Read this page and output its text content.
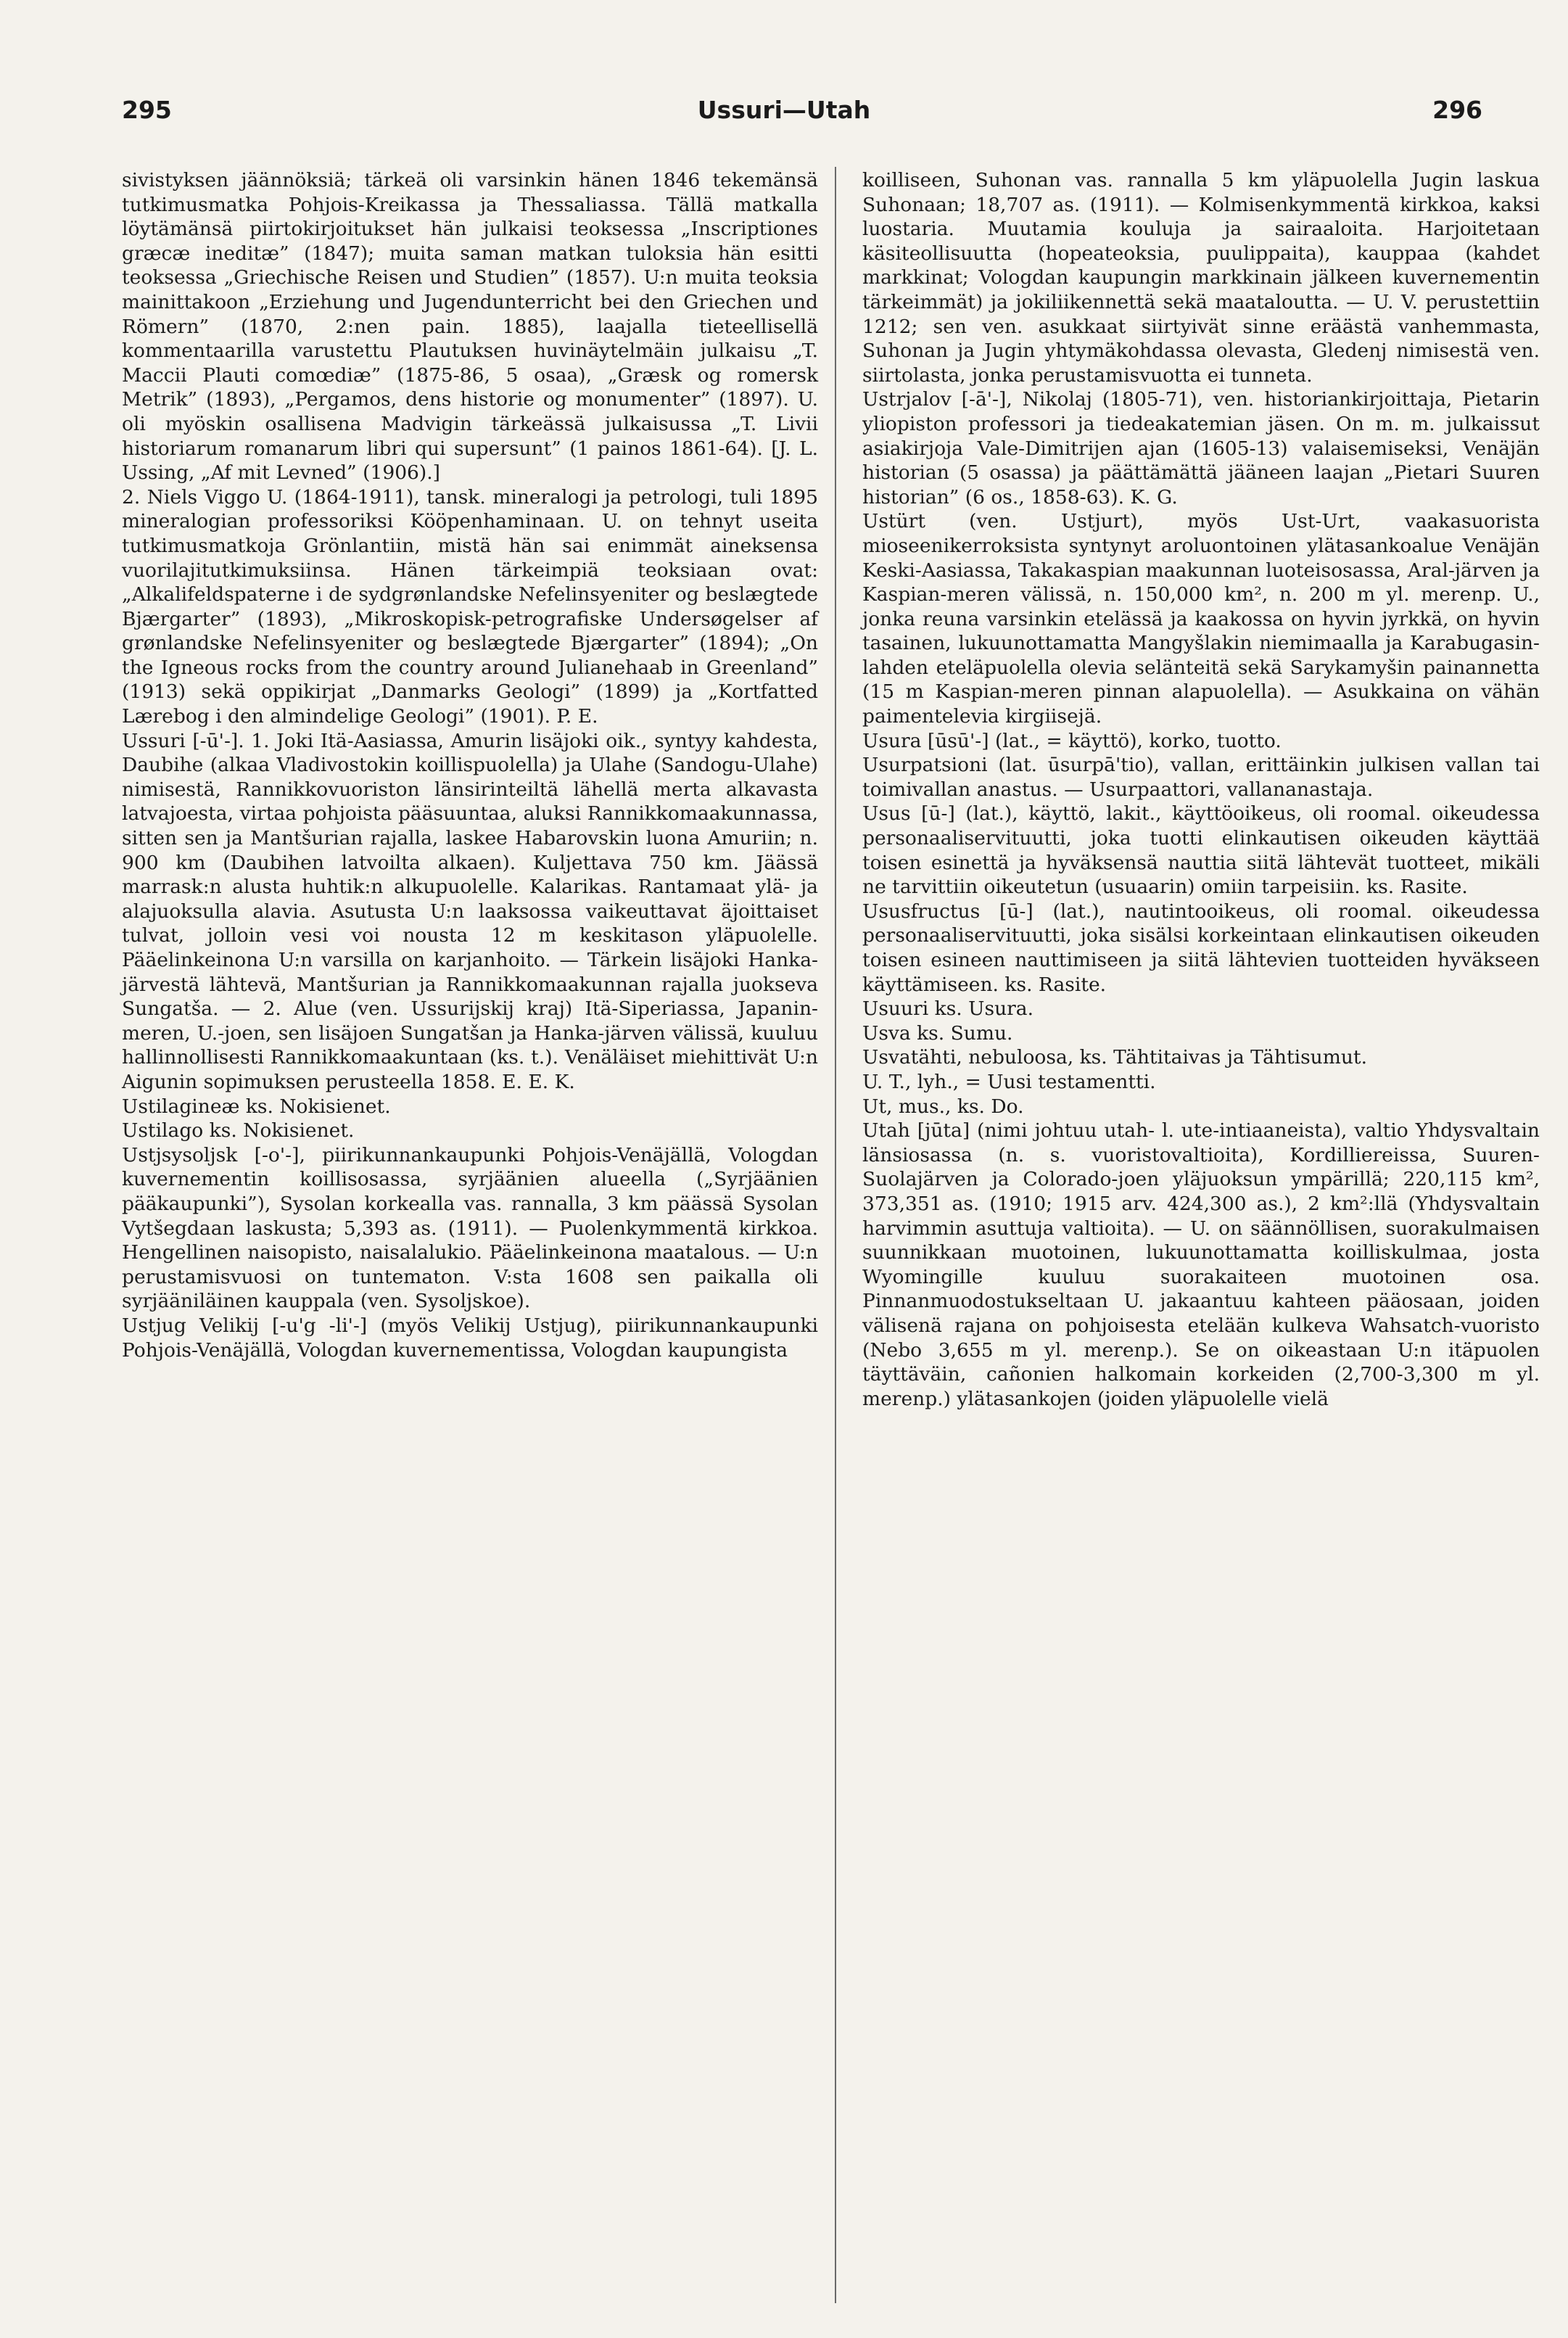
295	Ussuri—Utah	296

sivistyksen jäännöksiä; tärkeä oli varsinkin hänen 1846 tekemänsä tutkimusmatka Pohjois-Kreikassa ja Thessaliassa. Tällä matkalla löytämänsä piirtokirjoitukset hän julkaisi teoksessa „Inscriptiones græcæ ineditæ” (1847); muita saman matkan tuloksia hän esitti teoksessa „Griechische Reisen und Studien” (1857). U:n muita teoksia mainittakoon „Erziehung und Jugendunterricht bei den Griechen und Römern” (1870, 2:nen pain. 1885), laajalla tieteellisellä kommentaarilla varustettu Plautuksen huvinäytelmäin julkaisu „T. Maccii Plauti comœdiæ” (1875-86, 5 osaa), „Græsk og romersk Metrik” (1893), „Pergamos, dens historie og monumenter” (1897). U. oli myöskin osallisena Madvigin tärkeässä julkaisussa „T. Livii historiarum romanarum libri qui supersunt” (1 painos 1861-64). [J. L. Ussing, „Af mit Levned” (1906).]

2. Niels Viggo U. (1864-1911), tansk. mineralogi ja petrologi, tuli 1895 mineralogian professoriksi Kööpenhaminaan. U. on tehnyt useita tutkimusmatkoja Grönlantiin, mistä hän sai enimmät aineksensa vuorilajitutkimuksiinsa. Hänen tärkeimpiä teoksiaan ovat: „Alkalifeldspaterne i de sydgrønlandske Nefelinsyeniter og beslægtede Bjærgarter” (1893), „Mikroskopisk-petrografiske Undersøgelser af grønlandske Nefelinsyeniter og beslægtede Bjærgarter” (1894); „On the Igneous rocks from the country around Julianehaab in Greenland” (1913) sekä oppikirjat „Danmarks Geologi” (1899) ja „Kortfatted Lærebog i den almindelige Geologi” (1901). P. E.

Ussuri [-ū'-]. 1. Joki Itä-Aasiassa, Amurin lisäjoki oik., syntyy kahdesta, Daubihe (alkaa Vladivostokin koillispuolella) ja Ulahe (Sandogu-Ulahe) nimisestä, Rannikkovuoriston länsirinteiltä lähellä merta alkavasta latvajoesta, virtaa pohjoista pääsuuntaa, aluksi Rannikkomaakunnassa, sitten sen ja Mantšurian rajalla, laskee Habarovskin luona Amuriin; n. 900 km (Daubihen latvoilta alkaen). Kuljettava 750 km. Jäässä marrask:n alusta huhtik:n alkupuolelle. Kalarikas. Rantamaat ylä- ja alajuoksulla alavia. Asutusta U:n laaksossa vaikeuttavat äjoittaiset tulvat, jolloin vesi voi nousta 12 m keskitason yläpuolelle. Pääelinkeinona U:n varsilla on karjanhoito. — Tärkein lisäjoki Hanka-järvestä lähtevä, Mantšurian ja Rannikkomaakunnan rajalla juokseva Sungatša. — 2. Alue (ven. Ussurijskij kraj) Itä-Siperiassa, Japanin-meren, U.-joen, sen lisäjoen Sungatšan ja Hanka-järven välissä, kuuluu hallinnollisesti Rannikkomaakuntaan (ks. t.). Venäläiset miehittivät U:n Aigunin sopimuksen perusteella 1858. E. E. K.

Ustilagineæ ks. Nokisienet.

Ustilago ks. Nokisienet.

Ustjsysoljsk [-o'-], piirikunnankaupunki Pohjois-Venäjällä, Vologdan kuvernementin koillisosassa, syrjäänien alueella („Syrjäänien pääkaupunki”), Sysolan korkealla vas. rannalla, 3 km päässä Sysolan Vytšegdaan laskusta; 5,393 as. (1911). — Puolenkymmentä kirkkoa. Hengellinen naisopisto, naisalalukio. Pääelinkeinona maatalous. — U:n perustamisvuosi on tuntematon. V:sta 1608 sen paikalla oli syrjääniläinen kauppala (ven. Sysoljskoe).

Ustjug Velikij [-u'g -li'-] (myös Velikij Ustjug), piirikunnankaupunki Pohjois-Venäjällä, Vologdan kuvernementissa, Vologdan kaupungista

koilliseen, Suhonan vas. rannalla 5 km yläpuolella Jugin laskua Suhonaan; 18,707 as. (1911). — Kolmisenkymmentä kirkkoa, kaksi luostaria. Muutamia kouluja ja sairaaloita. Harjoitetaan käsiteollisuutta (hopeateoksia, puulippaita), kauppaa (kahdet markkinat; Vologdan kaupungin markkinain jälkeen kuvernementin tärkeimmät) ja jokiliikennettä sekä maataloutta. — U. V. perustettiin 1212; sen ven. asukkaat siirtyivät sinne eräästä vanhemmasta, Suhonan ja Jugin yhtymäkohdassa olevasta, Gledenj nimisestä ven. siirtolasta, jonka perustamisvuotta ei tunneta.

Ustrjalov [-ā'-], Nikolaj (1805-71), ven. historiankirjoittaja, Pietarin yliopiston professori ja tiedeakatemian jäsen. On m. m. julkaissut asiakirjoja Vale-Dimitrijen ajan (1605-13) valaisemiseksi, Venäjän historian (5 osassa) ja päättämättä jääneen laajan „Pietari Suuren historian” (6 os., 1858-63). K. G.

Ustürt (ven. Ustjurt), myös Ust-Urt, vaakasuorista mioseenikerroksista syntynyt aroluontoinen ylätasankoalue Venäjän Keski-Aasiassa, Takakaspian maakunnan luoteisosassa, Aral-järven ja Kaspian-meren välissä, n. 150,000 km², n. 200 m yl. merenp. U., jonka reuna varsinkin etelässä ja kaakossa on hyvin jyrkkä, on hyvin tasainen, lukuunottamatta Mangyšlakin niemimaalla ja Karabugasin-lahden eteläpuolella olevia selänteitä sekä Sarykamyšin painannetta (15 m Kaspian-meren pinnan alapuolella). — Asukkaina on vähän paimentelevia kirgiisejä.

Usura [ūsū'-] (lat., = käyttö), korko, tuotto.

Usurpatsioni (lat. ūsurpā'tio), vallan, erittäinkin julkisen vallan tai toimivallan anastus. — Usurpaattori, vallananastaja.

Usus [ū-] (lat.), käyttö, lakit., käyttöoikeus, oli roomal. oikeudessa personaaliservituutti, joka tuotti elinkautisen oikeuden käyttää toisen esinettä ja hyväksensä nauttia siitä lähtevät tuotteet, mikäli ne tarvittiin oikeutetun (usuaarin) omiin tarpeisiin. ks. Rasite.

Ususfructus [ū-] (lat.), nautintooikeus, oli roomal. oikeudessa personaaliservituutti, joka sisälsi korkeintaan elinkautisen oikeuden toisen esineen nauttimiseen ja siitä lähtevien tuotteiden hyväkseen käyttämiseen. ks. Rasite.

Usuuri ks. Usura.

Usva ks. Sumu.

Usvatähti, nebuloosa, ks. Tähtitaivas ja Tähtisumut.

U. T., lyh., = Uusi testamentti.

Ut, mus., ks. Do.

Utah [jūta] (nimi johtuu utah- l. ute-intiaaneista), valtio Yhdysvaltain länsiosassa (n. s. vuoristovaltioita), Kordilliereissa, Suuren-Suolajärven ja Colorado-joen yläjuoksun ympärillä; 220,115 km², 373,351 as. (1910; 1915 arv. 424,300 as.), 2 km²:llä (Yhdysvaltain harvimmin asuttuja valtioita). — U. on säännöllisen, suorakulmaisen suunnikkaan muotoinen, lukuunottamatta koilliskulmaa, josta Wyomingille kuuluu suorakaiteen muotoinen osa. Pinnanmuodostukseltaan U. jakaantuu kahteen pääosaan, joiden välisenä rajana on pohjoisesta etelään kulkeva Wahsatch-vuoristo (Nebo 3,655 m yl. merenp.). Se on oikeastaan U:n itäpuolen täyttäväin, cañonien halkomain korkeiden (2,700-3,300 m yl. merenp.) ylätasankojen (joiden yläpuolelle vielä
